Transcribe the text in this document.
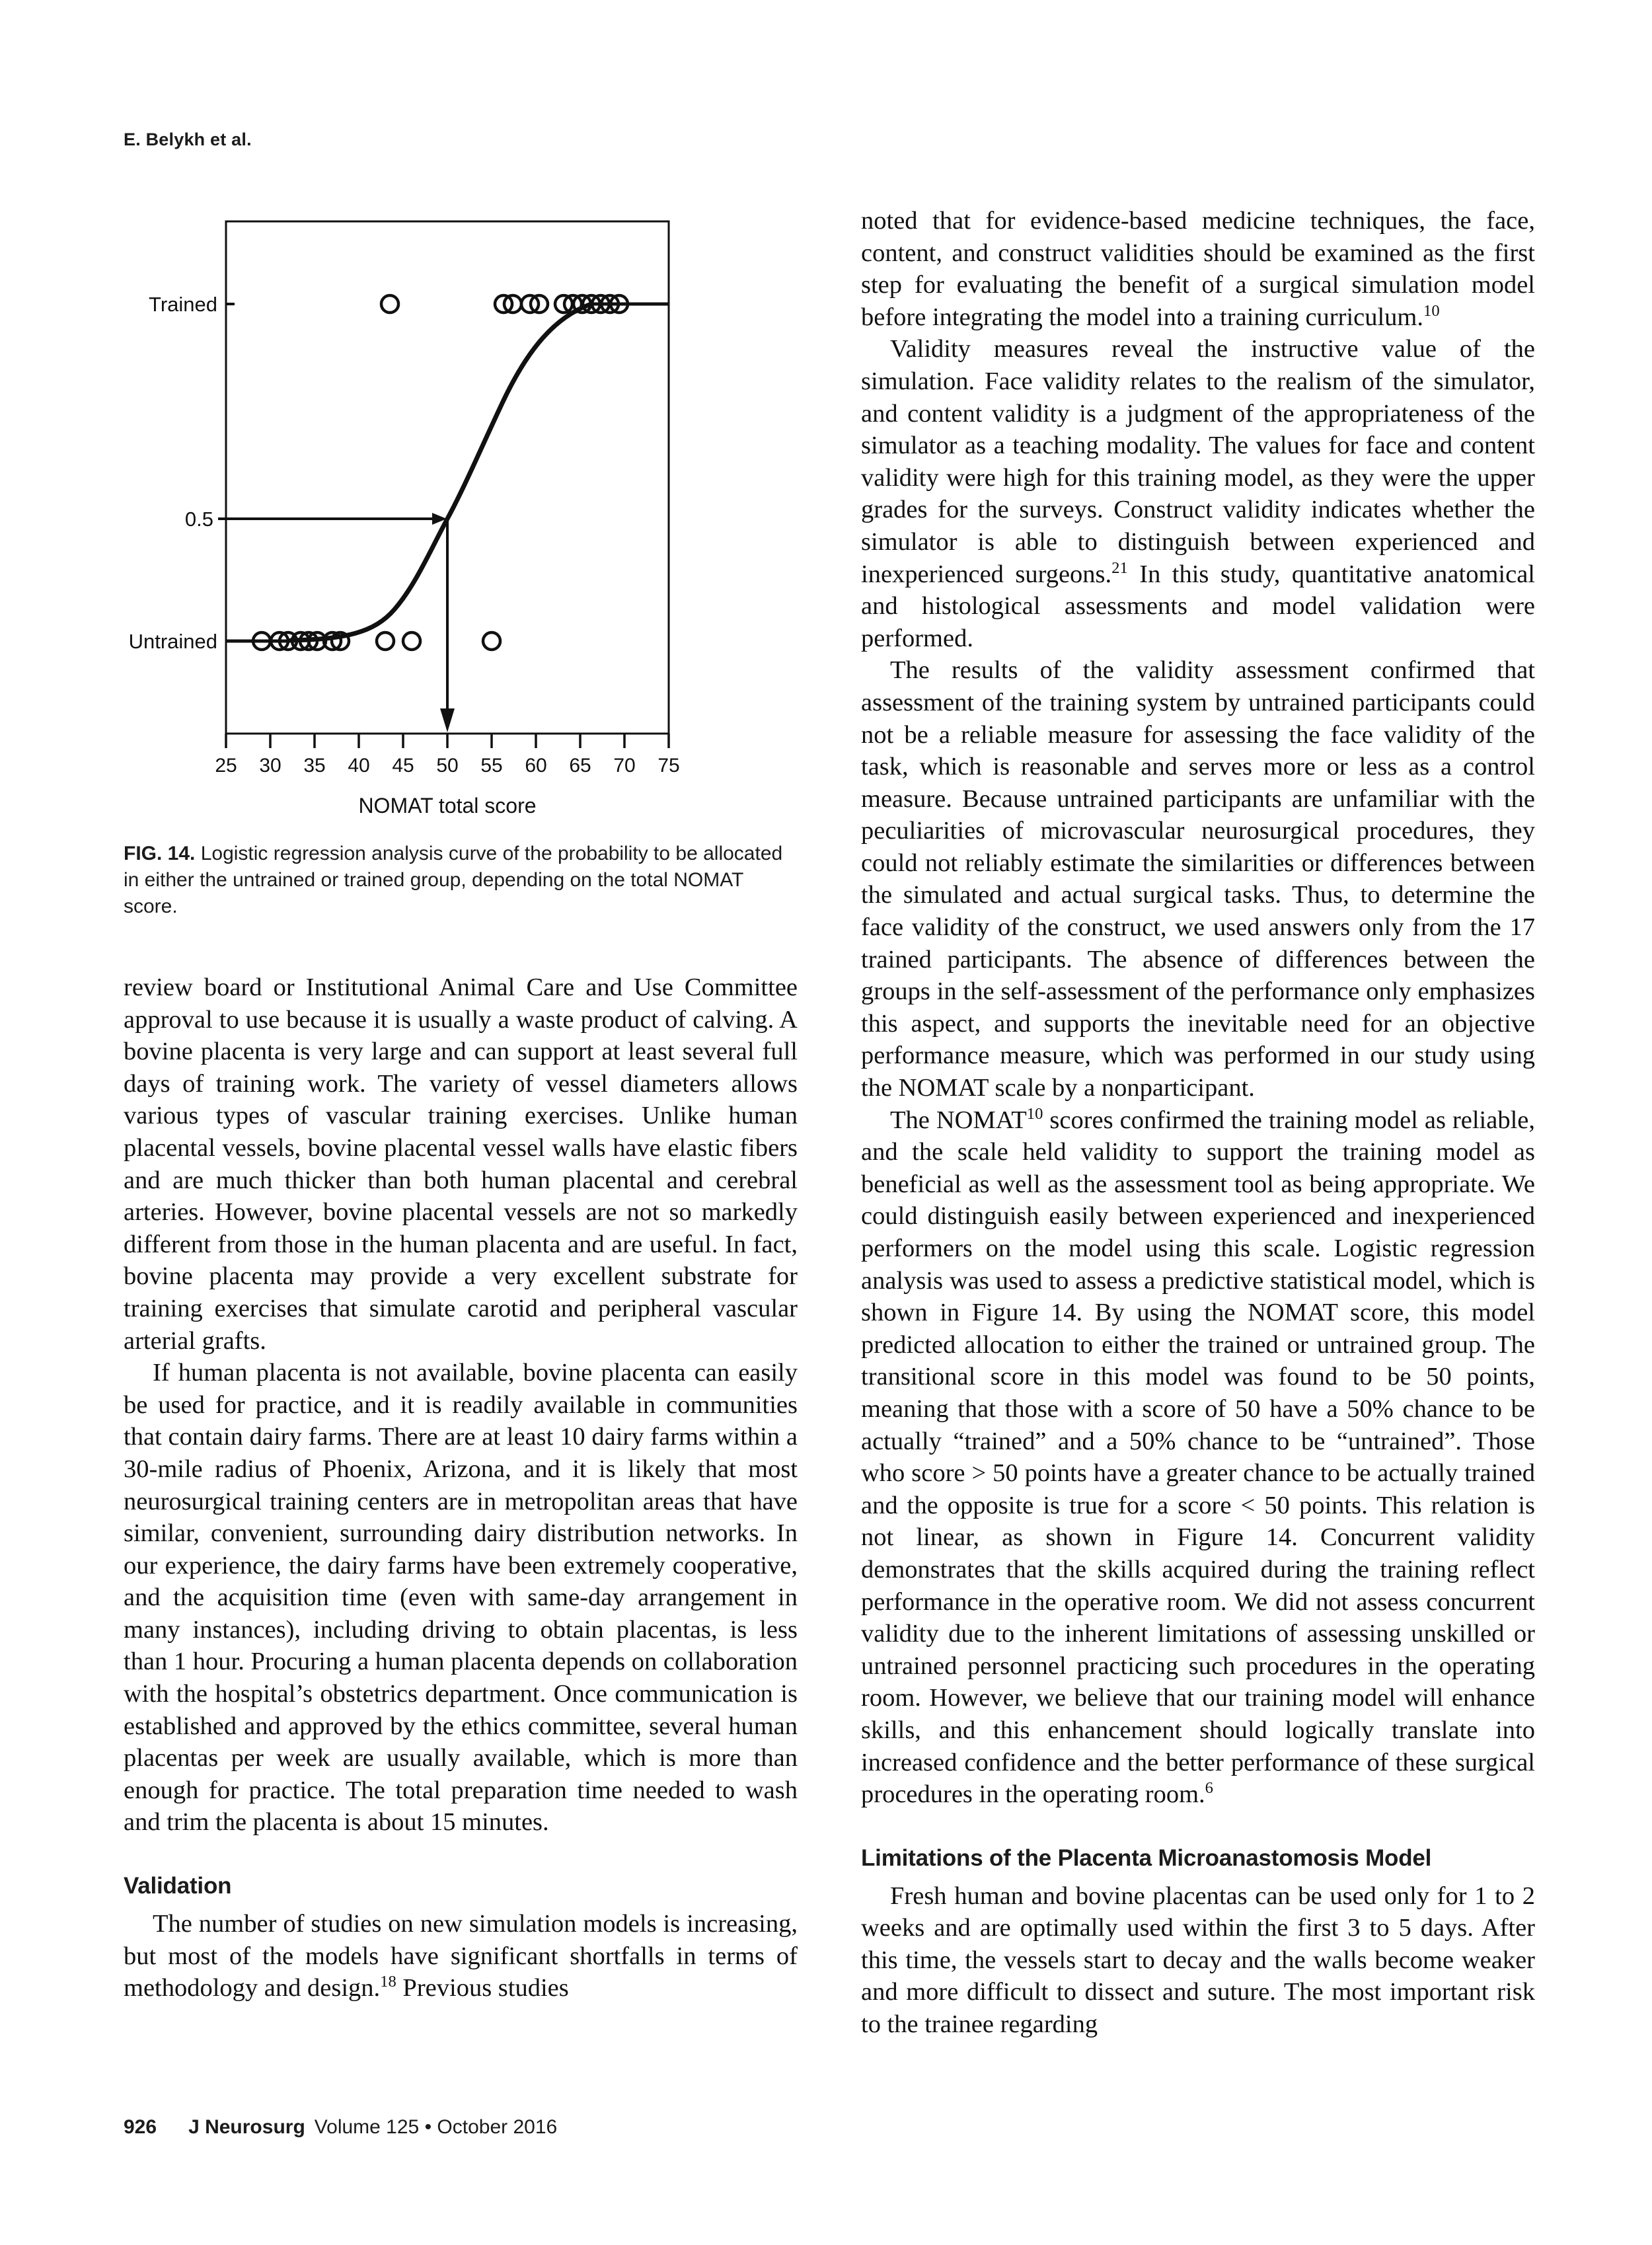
E. Belykh et al.
25 30 35 40 45 50 55 60 65 70 75
Trained
0.5
Untrained
NOMAT total score
FIG. 14. Logistic regression analysis curve of the probability to be allocated in either the untrained or trained group, depending on the total NOMAT score.

review board or Institutional Animal Care and Use Committee approval to use because it is usually a waste product of calving. A bovine placenta is very large and can support at least several full days of training work. The variety of vessel diameters allows various types of vascular training exercises. Unlike human placental vessels, bovine placental vessel walls have elastic fibers and are much thicker than both human placental and cerebral arteries. However, bovine placental vessels are not so markedly different from those in the human placenta and are useful. In fact, bovine placenta may provide a very excellent substrate for training exercises that simulate carotid and peripheral vascular arterial grafts.

If human placenta is not available, bovine placenta can easily be used for practice, and it is readily available in communities that contain dairy farms. There are at least 10 dairy farms within a 30-mile radius of Phoenix, Arizona, and it is likely that most neurosurgical training centers are in metropolitan areas that have similar, convenient, surrounding dairy distribution networks. In our experience, the dairy farms have been extremely cooperative, and the acquisition time (even with same-day arrangement in many instances), including driving to obtain placentas, is less than 1 hour. Procuring a human placenta depends on collaboration with the hospital’s obstetrics department. Once communication is established and approved by the ethics committee, several human placentas per week are usually available, which is more than enough for practice. The total preparation time needed to wash and trim the placenta is about 15 minutes.

Validation

The number of studies on new simulation models is increasing, but most of the models have significant shortfalls in terms of methodology and design.$^{18}$ Previous studies

noted that for evidence-based medicine techniques, the face, content, and construct validities should be examined as the first step for evaluating the benefit of a surgical simulation model before integrating the model into a training curriculum.$^{10}$

Validity measures reveal the instructive value of the simulation. Face validity relates to the realism of the simulator, and content validity is a judgment of the appropriateness of the simulator as a teaching modality. The values for face and content validity were high for this training model, as they were the upper grades for the surveys. Construct validity indicates whether the simulator is able to distinguish between experienced and inexperienced surgeons.$^{21}$ In this study, quantitative anatomical and histological assessments and model validation were performed.

The results of the validity assessment confirmed that assessment of the training system by untrained participants could not be a reliable measure for assessing the face validity of the task, which is reasonable and serves more or less as a control measure. Because untrained participants are unfamiliar with the peculiarities of microvascular neurosurgical procedures, they could not reliably estimate the similarities or differences between the simulated and actual surgical tasks. Thus, to determine the face validity of the construct, we used answers only from the 17 trained participants. The absence of differences between the groups in the self-assessment of the performance only emphasizes this aspect, and supports the inevitable need for an objective performance measure, which was performed in our study using the NOMAT scale by a nonparticipant.

The NOMAT$^{10}$ scores confirmed the training model as reliable, and the scale held validity to support the training model as beneficial as well as the assessment tool as being appropriate. We could distinguish easily between experienced and inexperienced performers on the model using this scale. Logistic regression analysis was used to assess a predictive statistical model, which is shown in Figure 14. By using the NOMAT score, this model predicted allocation to either the trained or untrained group. The transitional score in this model was found to be 50 points, meaning that those with a score of 50 have a 50% chance to be actually “trained” and a 50% chance to be “untrained”. Those who score > 50 points have a greater chance to be actually trained and the opposite is true for a score < 50 points. This relation is not linear, as shown in Figure 14. Concurrent validity demonstrates that the skills acquired during the training reflect performance in the operative room. We did not assess concurrent validity due to the inherent limitations of assessing unskilled or untrained personnel practicing such procedures in the operating room. However, we believe that our training model will enhance skills, and this enhancement should logically translate into increased confidence and the better performance of these surgical procedures in the operating room.$^6$

Limitations of the Placenta Microanastomosis Model

Fresh human and bovine placentas can be used only for 1 to 2 weeks and are optimally used within the first 3 to 5 days. After this time, the vessels start to decay and the walls become weaker and more difficult to dissect and suture. The most important risk to the trainee regarding

926 J Neurosurg Volume 125 • October 2016
